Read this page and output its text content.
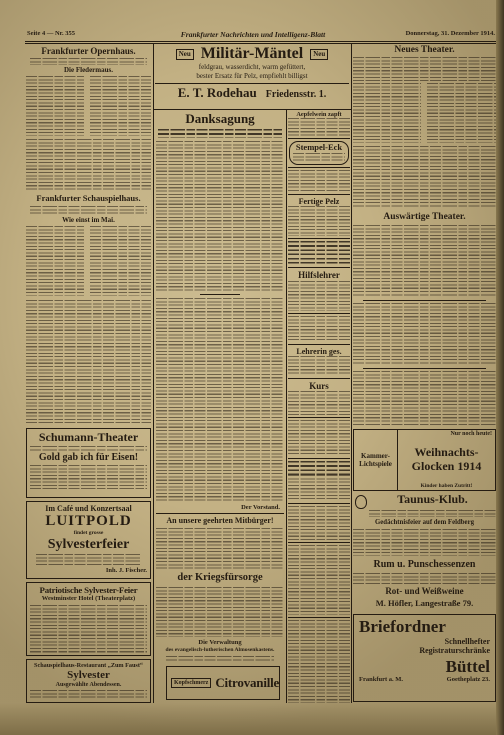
Seite 4 — Nr. 355	Frankfurter Nachrichten und Intelligenz-Blatt	Donnerstag, 31. Dezember 1914.
Frankfurter Opernhaus.
Die Fledermaus.
Frankfurter Schauspielhaus.
Wie einst im Mai.
Schumann-Theater
Gold gab ich für Eisen!
Im Café und Konzertsaal
LUITPOLD
findet grosse
Sylvesterfeier
Inh. J. Fischer.
Patriotische Sylvester-Feier
Westminster Hotel (Theaterplatz)
Schauspielhaus-Restaurant „Zum Faust“
Sylvester
Ausgewählte Abendessen.
Neu Militär-Mäntel	Neu
feldgrau, wasserdicht, warm gefüttert,
bester Ersatz für Pelz, empfiehlt billigst
E. T. Rodehau Friedensstr. 1.
Danksagung
Der Vorstand.
An unsere geehrten Mitbürger!
der Kriegsfürsorge
Die Verwaltung
des evangelisch-lutherischen Almosenkastens.
Kopfschmerz Citrovanille
Aepfelwein zapft
Stempel-Eck
Fertige Pelz
Hilfslehrer
Lehrerin ges.
Kurs
Neues Theater.
Auswärtige Theater.
Kammer-
Lichtspiele
Nur noch heute!
Weihnachts-
Glocken 1914
Kinder haben Zutritt!
Taunus-Klub.
Gedächtnisfeier auf dem Feldberg
Rum u. Punschessenzen
Rot- und Weißweine
M. Höfler, Langestraße 79.
Briefordner
Schnellhefter
Registraturschränke
Büttel
Frankfurt a. M.	Goetheplatz 23.
